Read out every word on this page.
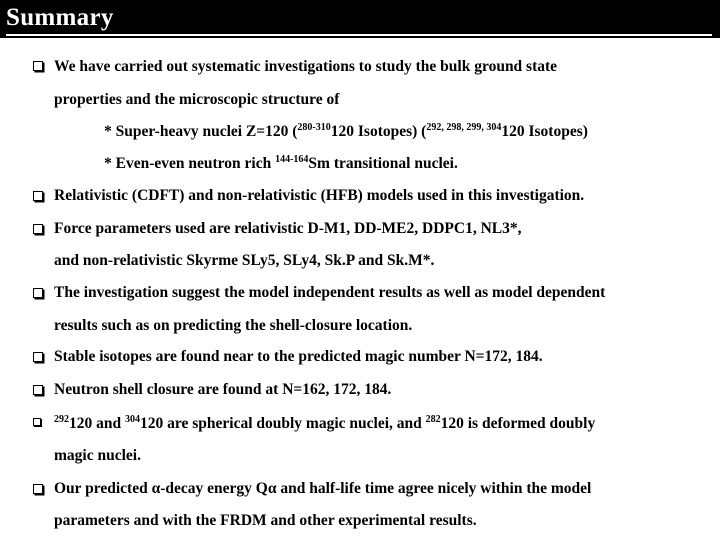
Summary
We have carried out systematic investigations to study the bulk ground state
properties and the microscopic structure of
* Super-heavy nuclei Z=120 ($^{280-310}$120 Isotopes) ($^{292, 298, 299, 304}$120 Isotopes)
* Even-even neutron rich $^{144-164}$Sm transitional nuclei.
Relativistic (CDFT) and non-relativistic (HFB) models used in this investigation.
Force parameters used are relativistic D-M1, DD-ME2, DDPC1, NL3*,
and non-relativistic Skyrme SLy5, SLy4, Sk.P and Sk.M*.
The investigation suggest the model independent results as well as model dependent
results such as on predicting the shell-closure location.
Stable isotopes are found near to the predicted magic number N=172, 184.
Neutron shell closure are found at N=162, 172, 184.
$^{292}$120 and $^{304}$120 are spherical doubly magic nuclei, and $^{282}$120 is deformed doubly
magic nuclei.
Our predicted α-decay energy Qα and half-life time agree nicely within the model
parameters and with the FRDM and other experimental results.
